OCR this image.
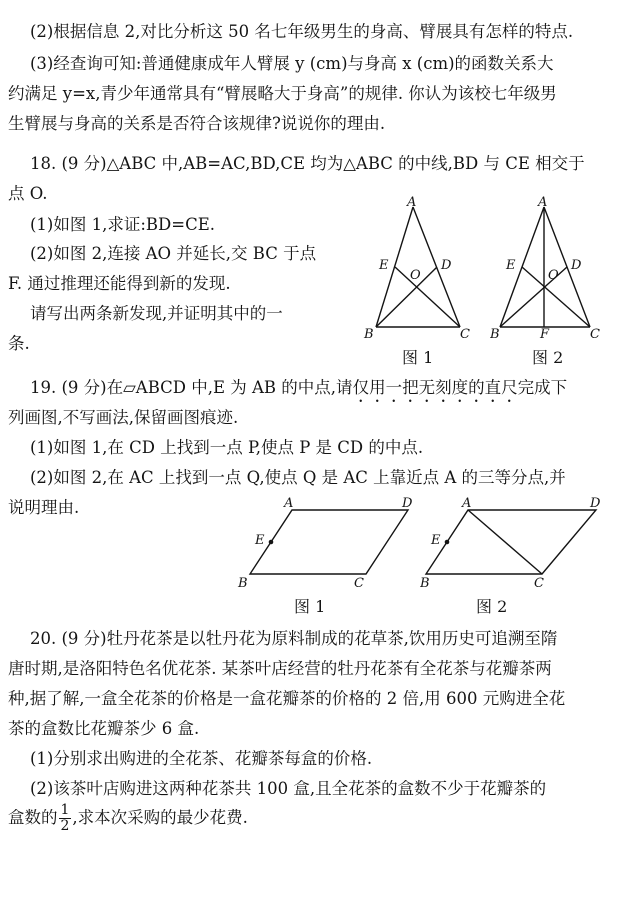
(2)根据信息 2,对比分析这 50 名七年级男生的身高、臂展具有怎样的特点.
(3)经查询可知:普通健康成年人臂展 y (cm)与身高 x (cm)的函数关系大
约满足 y=x,青少年通常具有“臂展略大于身高”的规律. 你认为该校七年级男
生臂展与身高的关系是否符合该规律?说说你的理由.
18. (9 分)△ABC 中,AB=AC,BD,CE 均为△ABC 的中线,BD 与 CE 相交于
点 O.
(1)如图 1,求证:BD=CE.
(2)如图 2,连接 AO 并延长,交 BC 于点
F. 通过推理还能得到新的发现.
请写出两条新发现,并证明其中的一
条.
A
E
O
D
B	C
图 1
A
E
O
D
B	F	C
图 2
19. (9 分)在▱ABCD 中,E 为 AB 的中点,请仅用一把无刻度的直尺完成下
列画图,不写画法,保留画图痕迹.
(1)如图 1,在 CD 上找到一点 P,使点 P 是 CD 的中点.
(2)如图 2,在 AC 上找到一点 Q,使点 Q 是 AC 上靠近点 A 的三等分点,并
说明理由.	A	D
E
B	C
图 1
A	D
E
B	C
图 2
20. (9 分)牡丹花茶是以牡丹花为原料制成的花草茶,饮用历史可追溯至隋
唐时期,是洛阳特色名优花茶. 某茶叶店经营的牡丹花茶有全花茶与花瓣茶两
种,据了解,一盒全花茶的价格是一盒花瓣茶的价格的 2 倍,用 600 元购进全花
茶的盒数比花瓣茶少 6 盒.
(1)分别求出购进的全花茶、花瓣茶每盒的价格.
(2)该茶叶店购进这两种花茶共 100 盒,且全花茶的盒数不少于花瓣茶的
盒数的 $\frac{1}{2}$ ,求本次采购的最少花费.
